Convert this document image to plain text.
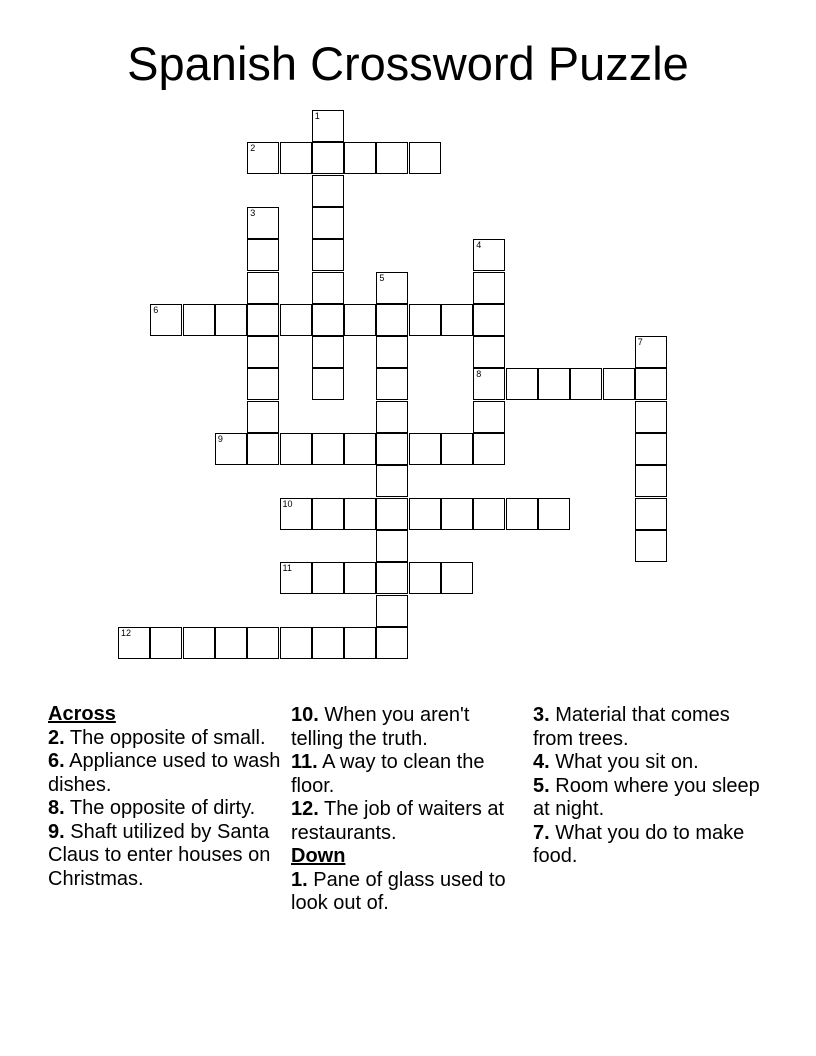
Spanish Crossword Puzzle
1
2
3
4
5
6
7
8
9
10
11
12
Across
2. The opposite of small.
6. Appliance used to wash dishes.
8. The opposite of dirty.
9. Shaft utilized by Santa Claus to enter houses on Christmas.
10. When you aren't telling the truth.
11. A way to clean the floor.
12. The job of waiters at restaurants.
Down
1. Pane of glass used to look out of.
3. Material that comes from trees.
4. What you sit on.
5. Room where you sleep at night.
7. What you do to make food.
